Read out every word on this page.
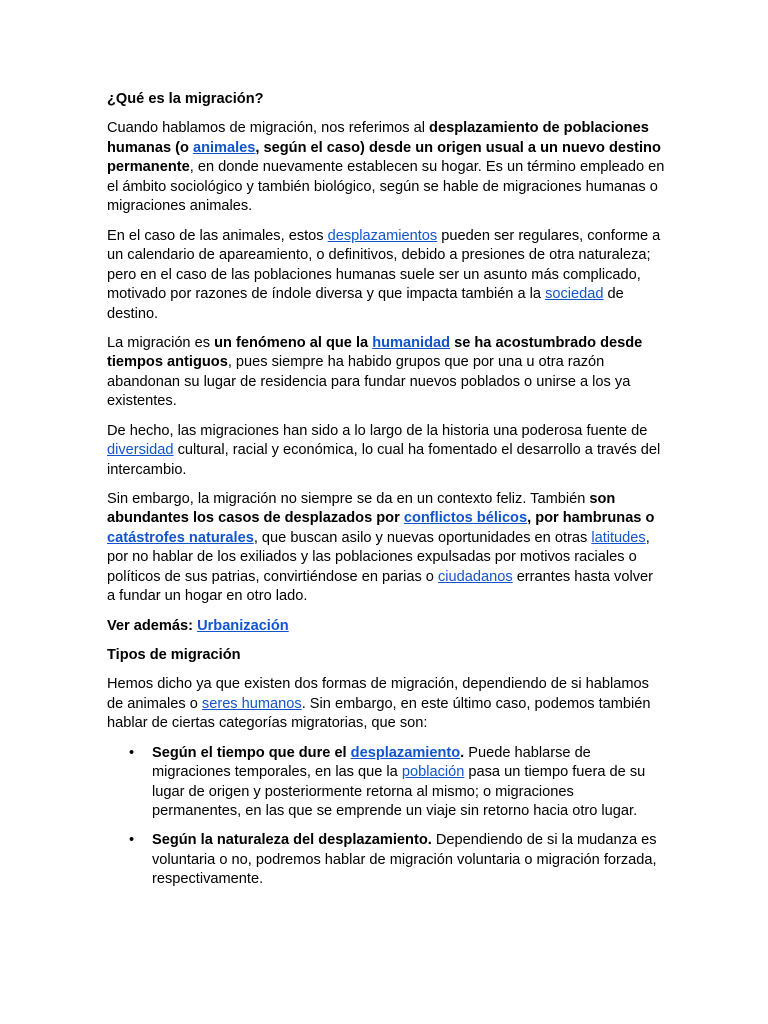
¿Qué es la migración?

Cuando hablamos de migración, nos referimos al desplazamiento de poblaciones humanas (o animales, según el caso) desde un origen usual a un nuevo destino permanente, en donde nuevamente establecen su hogar. Es un término empleado en el ámbito sociológico y también biológico, según se hable de migraciones humanas o migraciones animales.

En el caso de las animales, estos desplazamientos pueden ser regulares, conforme a un calendario de apareamiento, o definitivos, debido a presiones de otra naturaleza; pero en el caso de las poblaciones humanas suele ser un asunto más complicado, motivado por razones de índole diversa y que impacta también a la sociedad de destino.

La migración es un fenómeno al que la humanidad se ha acostumbrado desde tiempos antiguos, pues siempre ha habido grupos que por una u otra razón abandonan su lugar de residencia para fundar nuevos poblados o unirse a los ya existentes.

De hecho, las migraciones han sido a lo largo de la historia una poderosa fuente de diversidad cultural, racial y económica, lo cual ha fomentado el desarrollo a través del intercambio.

Sin embargo, la migración no siempre se da en un contexto feliz. También son abundantes los casos de desplazados por conflictos bélicos, por hambrunas o catástrofes naturales, que buscan asilo y nuevas oportunidades en otras latitudes, por no hablar de los exiliados y las poblaciones expulsadas por motivos raciales o políticos de sus patrias, convirtiéndose en parias o ciudadanos errantes hasta volver a fundar un hogar en otro lado.

Ver además: Urbanización

Tipos de migración

Hemos dicho ya que existen dos formas de migración, dependiendo de si hablamos de animales o seres humanos. Sin embargo, en este último caso, podemos también hablar de ciertas categorías migratorias, que son:

• Según el tiempo que dure el desplazamiento. Puede hablarse de migraciones temporales, en las que la población pasa un tiempo fuera de su lugar de origen y posteriormente retorna al mismo; o migraciones permanentes, en las que se emprende un viaje sin retorno hacia otro lugar.
• Según la naturaleza del desplazamiento. Dependiendo de si la mudanza es voluntaria o no, podremos hablar de migración voluntaria o migración forzada, respectivamente.
